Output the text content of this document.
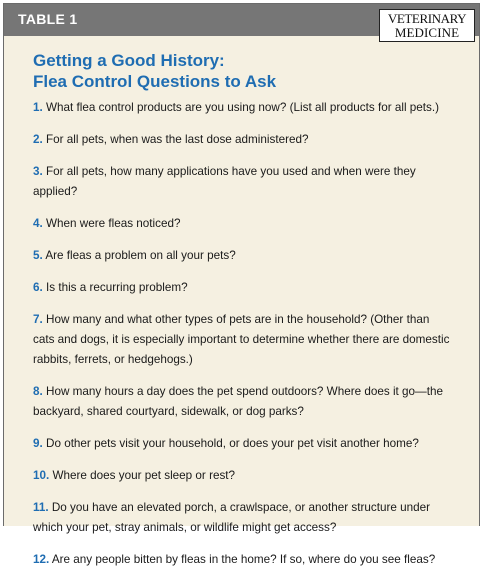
TABLE 1	VETERINARY
MEDICINE
Getting a Good History:
Flea Control Questions to Ask
1. What flea control products are you using now? (List all products for all pets.)
2. For all pets, when was the last dose administered?
3. For all pets, how many applications have you used and when were they applied?
4. When were fleas noticed?
5. Are fleas a problem on all your pets?
6. Is this a recurring problem?
7. How many and what other types of pets are in the household? (Other than cats and dogs, it is especially important to determine whether there are domestic rabbits, ferrets, or hedgehogs.)
8. How many hours a day does the pet spend outdoors? Where does it go—the backyard, shared courtyard, sidewalk, or dog parks?
9. Do other pets visit your household, or does your pet visit another home?
10. Where does your pet sleep or rest?
11. Do you have an elevated porch, a crawlspace, or another structure under which your pet, stray animals, or wildlife might get access?
12. Are any people bitten by fleas in the home? If so, where do you see fleas?
